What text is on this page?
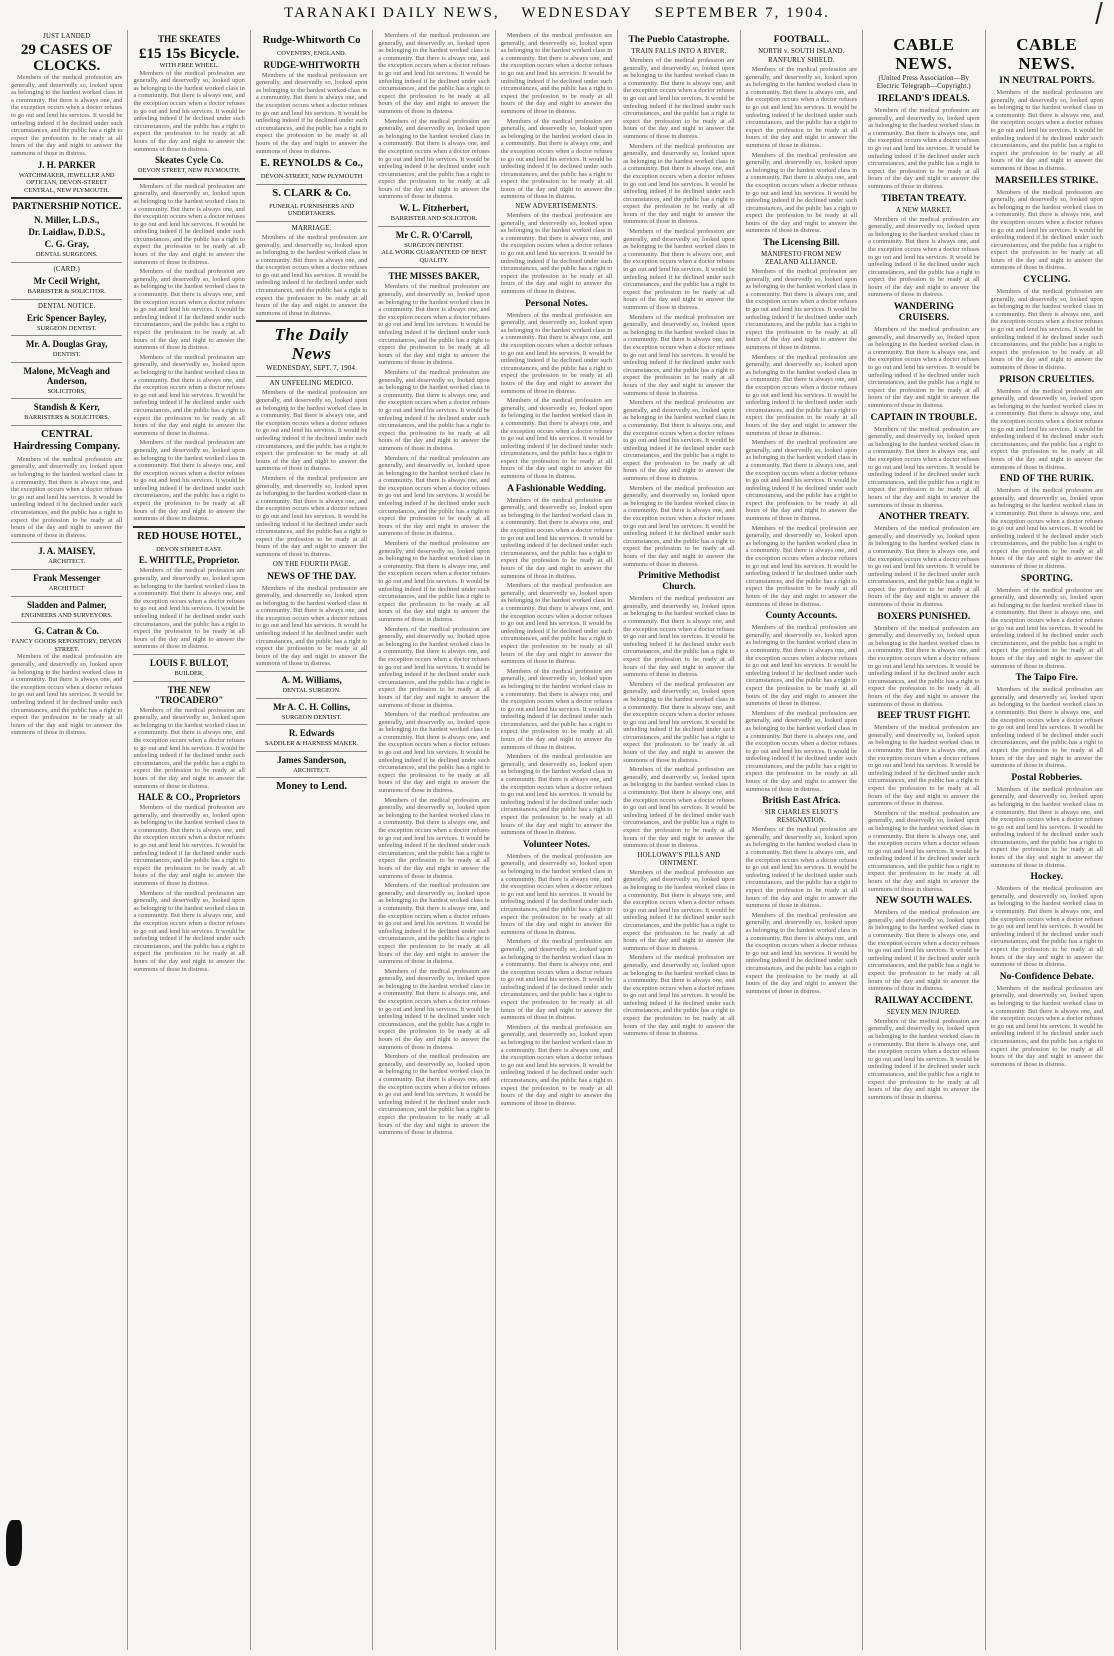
TARANAKI DAILY NEWS, WEDNESDAY SEPTEMBER 7, 1904.
JUST LANDED
29 CASES OF CLOCKS.

Members of the medical profession are generally, and deservedly so, looked upon as belonging to the hardest worked class in a community. But there is always one, and the exception occurs when a doctor refuses to go out and lend his services. It would be unfeeling indeed if he declined under such circumstances, and the public has a right to expect the profession to be ready at all hours of the day and night to answer the summons of those in distress.

J. H. PARKER
WATCHMAKER, JEWELLER AND OPTICIAN, DEVON-STREET CENTRAL, NEW PLYMOUTH.
PARTNERSHIP NOTICE.
N. Miller, L.D.S.,
Dr. Laidlaw, D.D.S.,
C. G. Gray,
DENTAL SURGEONS.
(CARD.)
Mr Cecil Wright,
BARRISTER & SOLICITOR.
DENTAL NOTICE.
Eric Spencer Bayley,
SURGEON DENTIST.
Mr. A. Douglas Gray,
DENTIST.
Malone, McVeagh and Anderson,
SOLICITORS,
Standish & Kerr,
BARRISTERS & SOLICITORS.
CENTRAL Hairdressing Company.

Members of the medical profession are generally, and deservedly so, looked upon as belonging to the hardest worked class in a community. But there is always one, and the exception occurs when a doctor refuses to go out and lend his services. It would be unfeeling indeed if he declined under such circumstances, and the public has a right to expect the profession to be ready at all hours of the day and night to answer the summons of those in distress.

J. A. MAISEY,
ARCHITECT.
Frank Messenger
ARCHITECT
Sladden and Palmer,
ENGINEERS AND SURVEYORS.
G. Catran & Co.
FANCY GOODS REPOSITORY, DEVON STREET.

Members of the medical profession are generally, and deservedly so, looked upon as belonging to the hardest worked class in a community. But there is always one, and the exception occurs when a doctor refuses to go out and lend his services. It would be unfeeling indeed if he declined under such circumstances, and the public has a right to expect the profession to be ready at all hours of the day and night to answer the summons of those in distress.

THE SKEATES
£15 15s Bicycle.
WITH FREE WHEEL.

Members of the medical profession are generally, and deservedly so, looked upon as belonging to the hardest worked class in a community. But there is always one, and the exception occurs when a doctor refuses to go out and lend his services. It would be unfeeling indeed if he declined under such circumstances, and the public has a right to expect the profession to be ready at all hours of the day and night to answer the summons of those in distress.

Skeates Cycle Co.
DEVON STREET, NEW PLYMOUTH.

Members of the medical profession are generally, and deservedly so, looked upon as belonging to the hardest worked class in a community. But there is always one, and the exception occurs when a doctor refuses to go out and lend his services. It would be unfeeling indeed if he declined under such circumstances, and the public has a right to expect the profession to be ready at all hours of the day and night to answer the summons of those in distress.

Members of the medical profession are generally, and deservedly so, looked upon as belonging to the hardest worked class in a community. But there is always one, and the exception occurs when a doctor refuses to go out and lend his services. It would be unfeeling indeed if he declined under such circumstances, and the public has a right to expect the profession to be ready at all hours of the day and night to answer the summons of those in distress.

Members of the medical profession are generally, and deservedly so, looked upon as belonging to the hardest worked class in a community. But there is always one, and the exception occurs when a doctor refuses to go out and lend his services. It would be unfeeling indeed if he declined under such circumstances, and the public has a right to expect the profession to be ready at all hours of the day and night to answer the summons of those in distress.

Members of the medical profession are generally, and deservedly so, looked upon as belonging to the hardest worked class in a community. But there is always one, and the exception occurs when a doctor refuses to go out and lend his services. It would be unfeeling indeed if he declined under such circumstances, and the public has a right to expect the profession to be ready at all hours of the day and night to answer the summons of those in distress.

RED HOUSE HOTEL,
DEVON STREET EAST.
E. WHITTLE, Proprietor.

Members of the medical profession are generally, and deservedly so, looked upon as belonging to the hardest worked class in a community. But there is always one, and the exception occurs when a doctor refuses to go out and lend his services. It would be unfeeling indeed if he declined under such circumstances, and the public has a right to expect the profession to be ready at all hours of the day and night to answer the summons of those in distress.

LOUIS F. BULLOT,
BUILDER,
THE NEW "TROCADERO"

Members of the medical profession are generally, and deservedly so, looked upon as belonging to the hardest worked class in a community. But there is always one, and the exception occurs when a doctor refuses to go out and lend his services. It would be unfeeling indeed if he declined under such circumstances, and the public has a right to expect the profession to be ready at all hours of the day and night to answer the summons of those in distress.

HALE & CO., Proprietors

Members of the medical profession are generally, and deservedly so, looked upon as belonging to the hardest worked class in a community. But there is always one, and the exception occurs when a doctor refuses to go out and lend his services. It would be unfeeling indeed if he declined under such circumstances, and the public has a right to expect the profession to be ready at all hours of the day and night to answer the summons of those in distress.

Members of the medical profession are generally, and deservedly so, looked upon as belonging to the hardest worked class in a community. But there is always one, and the exception occurs when a doctor refuses to go out and lend his services. It would be unfeeling indeed if he declined under such circumstances, and the public has a right to expect the profession to be ready at all hours of the day and night to answer the summons of those in distress.

Rudge-Whitworth Co
COVENTRY, ENGLAND.
RUDGE-WHITWORTH

Members of the medical profession are generally, and deservedly so, looked upon as belonging to the hardest worked class in a community. But there is always one, and the exception occurs when a doctor refuses to go out and lend his services. It would be unfeeling indeed if he declined under such circumstances, and the public has a right to expect the profession to be ready at all hours of the day and night to answer the summons of those in distress.

E. REYNOLDS & Co.,
DEVON-STREET, NEW PLYMOUTH
S. CLARK & Co.
FUNERAL FURNISHERS AND UNDERTAKERS.
MARRIAGE.

Members of the medical profession are generally, and deservedly so, looked upon as belonging to the hardest worked class in a community. But there is always one, and the exception occurs when a doctor refuses to go out and lend his services. It would be unfeeling indeed if he declined under such circumstances, and the public has a right to expect the profession to be ready at all hours of the day and night to answer the summons of those in distress.

The Daily News
WEDNESDAY, SEPT. 7, 1904.
AN UNFEELING MEDICO.

Members of the medical profession are generally, and deservedly so, looked upon as belonging to the hardest worked class in a community. But there is always one, and the exception occurs when a doctor refuses to go out and lend his services. It would be unfeeling indeed if he declined under such circumstances, and the public has a right to expect the profession to be ready at all hours of the day and night to answer the summons of those in distress.

Members of the medical profession are generally, and deservedly so, looked upon as belonging to the hardest worked class in a community. But there is always one, and the exception occurs when a doctor refuses to go out and lend his services. It would be unfeeling indeed if he declined under such circumstances, and the public has a right to expect the profession to be ready at all hours of the day and night to answer the summons of those in distress.

ON THE FOURTH PAGE.
NEWS OF THE DAY.

Members of the medical profession are generally, and deservedly so, looked upon as belonging to the hardest worked class in a community. But there is always one, and the exception occurs when a doctor refuses to go out and lend his services. It would be unfeeling indeed if he declined under such circumstances, and the public has a right to expect the profession to be ready at all hours of the day and night to answer the summons of those in distress.

A. M. Williams,
DENTAL SURGEON.
Mr A. C. H. Collins,
SURGEON DENTIST.
R. Edwards
SADDLER & HARNESS MAKER.
James Sanderson,
ARCHITECT.
Money to Lend.

Members of the medical profession are generally, and deservedly so, looked upon as belonging to the hardest worked class in a community. But there is always one, and the exception occurs when a doctor refuses to go out and lend his services. It would be unfeeling indeed if he declined under such circumstances, and the public has a right to expect the profession to be ready at all hours of the day and night to answer the summons of those in distress.

Members of the medical profession are generally, and deservedly so, looked upon as belonging to the hardest worked class in a community. But there is always one, and the exception occurs when a doctor refuses to go out and lend his services. It would be unfeeling indeed if he declined under such circumstances, and the public has a right to expect the profession to be ready at all hours of the day and night to answer the summons of those in distress.

W. L. Fitzherbert,
BARRISTER AND SOLICITOR.
Mr C. R. O'Carroll,
SURGEON DENTIST.
ALL WORK GUARANTEED OF BEST QUALITY.
THE MISSES BAKER,

Members of the medical profession are generally, and deservedly so, looked upon as belonging to the hardest worked class in a community. But there is always one, and the exception occurs when a doctor refuses to go out and lend his services. It would be unfeeling indeed if he declined under such circumstances, and the public has a right to expect the profession to be ready at all hours of the day and night to answer the summons of those in distress.

Members of the medical profession are generally, and deservedly so, looked upon as belonging to the hardest worked class in a community. But there is always one, and the exception occurs when a doctor refuses to go out and lend his services. It would be unfeeling indeed if he declined under such circumstances, and the public has a right to expect the profession to be ready at all hours of the day and night to answer the summons of those in distress.

Members of the medical profession are generally, and deservedly so, looked upon as belonging to the hardest worked class in a community. But there is always one, and the exception occurs when a doctor refuses to go out and lend his services. It would be unfeeling indeed if he declined under such circumstances, and the public has a right to expect the profession to be ready at all hours of the day and night to answer the summons of those in distress.

Members of the medical profession are generally, and deservedly so, looked upon as belonging to the hardest worked class in a community. But there is always one, and the exception occurs when a doctor refuses to go out and lend his services. It would be unfeeling indeed if he declined under such circumstances, and the public has a right to expect the profession to be ready at all hours of the day and night to answer the summons of those in distress.

Members of the medical profession are generally, and deservedly so, looked upon as belonging to the hardest worked class in a community. But there is always one, and the exception occurs when a doctor refuses to go out and lend his services. It would be unfeeling indeed if he declined under such circumstances, and the public has a right to expect the profession to be ready at all hours of the day and night to answer the summons of those in distress.

Members of the medical profession are generally, and deservedly so, looked upon as belonging to the hardest worked class in a community. But there is always one, and the exception occurs when a doctor refuses to go out and lend his services. It would be unfeeling indeed if he declined under such circumstances, and the public has a right to expect the profession to be ready at all hours of the day and night to answer the summons of those in distress.

Members of the medical profession are generally, and deservedly so, looked upon as belonging to the hardest worked class in a community. But there is always one, and the exception occurs when a doctor refuses to go out and lend his services. It would be unfeeling indeed if he declined under such circumstances, and the public has a right to expect the profession to be ready at all hours of the day and night to answer the summons of those in distress.

Members of the medical profession are generally, and deservedly so, looked upon as belonging to the hardest worked class in a community. But there is always one, and the exception occurs when a doctor refuses to go out and lend his services. It would be unfeeling indeed if he declined under such circumstances, and the public has a right to expect the profession to be ready at all hours of the day and night to answer the summons of those in distress.

Members of the medical profession are generally, and deservedly so, looked upon as belonging to the hardest worked class in a community. But there is always one, and the exception occurs when a doctor refuses to go out and lend his services. It would be unfeeling indeed if he declined under such circumstances, and the public has a right to expect the profession to be ready at all hours of the day and night to answer the summons of those in distress.

Members of the medical profession are generally, and deservedly so, looked upon as belonging to the hardest worked class in a community. But there is always one, and the exception occurs when a doctor refuses to go out and lend his services. It would be unfeeling indeed if he declined under such circumstances, and the public has a right to expect the profession to be ready at all hours of the day and night to answer the summons of those in distress.

Members of the medical profession are generally, and deservedly so, looked upon as belonging to the hardest worked class in a community. But there is always one, and the exception occurs when a doctor refuses to go out and lend his services. It would be unfeeling indeed if he declined under such circumstances, and the public has a right to expect the profession to be ready at all hours of the day and night to answer the summons of those in distress.

Members of the medical profession are generally, and deservedly so, looked upon as belonging to the hardest worked class in a community. But there is always one, and the exception occurs when a doctor refuses to go out and lend his services. It would be unfeeling indeed if he declined under such circumstances, and the public has a right to expect the profession to be ready at all hours of the day and night to answer the summons of those in distress.

NEW ADVERTISEMENTS.

Members of the medical profession are generally, and deservedly so, looked upon as belonging to the hardest worked class in a community. But there is always one, and the exception occurs when a doctor refuses to go out and lend his services. It would be unfeeling indeed if he declined under such circumstances, and the public has a right to expect the profession to be ready at all hours of the day and night to answer the summons of those in distress.

Personal Notes.

Members of the medical profession are generally, and deservedly so, looked upon as belonging to the hardest worked class in a community. But there is always one, and the exception occurs when a doctor refuses to go out and lend his services. It would be unfeeling indeed if he declined under such circumstances, and the public has a right to expect the profession to be ready at all hours of the day and night to answer the summons of those in distress.

Members of the medical profession are generally, and deservedly so, looked upon as belonging to the hardest worked class in a community. But there is always one, and the exception occurs when a doctor refuses to go out and lend his services. It would be unfeeling indeed if he declined under such circumstances, and the public has a right to expect the profession to be ready at all hours of the day and night to answer the summons of those in distress.

A Fashionable Wedding.

Members of the medical profession are generally, and deservedly so, looked upon as belonging to the hardest worked class in a community. But there is always one, and the exception occurs when a doctor refuses to go out and lend his services. It would be unfeeling indeed if he declined under such circumstances, and the public has a right to expect the profession to be ready at all hours of the day and night to answer the summons of those in distress.

Members of the medical profession are generally, and deservedly so, looked upon as belonging to the hardest worked class in a community. But there is always one, and the exception occurs when a doctor refuses to go out and lend his services. It would be unfeeling indeed if he declined under such circumstances, and the public has a right to expect the profession to be ready at all hours of the day and night to answer the summons of those in distress.

Members of the medical profession are generally, and deservedly so, looked upon as belonging to the hardest worked class in a community. But there is always one, and the exception occurs when a doctor refuses to go out and lend his services. It would be unfeeling indeed if he declined under such circumstances, and the public has a right to expect the profession to be ready at all hours of the day and night to answer the summons of those in distress.

Members of the medical profession are generally, and deservedly so, looked upon as belonging to the hardest worked class in a community. But there is always one, and the exception occurs when a doctor refuses to go out and lend his services. It would be unfeeling indeed if he declined under such circumstances, and the public has a right to expect the profession to be ready at all hours of the day and night to answer the summons of those in distress.

Volunteer Notes.

Members of the medical profession are generally, and deservedly so, looked upon as belonging to the hardest worked class in a community. But there is always one, and the exception occurs when a doctor refuses to go out and lend his services. It would be unfeeling indeed if he declined under such circumstances, and the public has a right to expect the profession to be ready at all hours of the day and night to answer the summons of those in distress.

Members of the medical profession are generally, and deservedly so, looked upon as belonging to the hardest worked class in a community. But there is always one, and the exception occurs when a doctor refuses to go out and lend his services. It would be unfeeling indeed if he declined under such circumstances, and the public has a right to expect the profession to be ready at all hours of the day and night to answer the summons of those in distress.

Members of the medical profession are generally, and deservedly so, looked upon as belonging to the hardest worked class in a community. But there is always one, and the exception occurs when a doctor refuses to go out and lend his services. It would be unfeeling indeed if he declined under such circumstances, and the public has a right to expect the profession to be ready at all hours of the day and night to answer the summons of those in distress.

The Pueblo Catastrophe.
TRAIN FALLS INTO A RIVER.

Members of the medical profession are generally, and deservedly so, looked upon as belonging to the hardest worked class in a community. But there is always one, and the exception occurs when a doctor refuses to go out and lend his services. It would be unfeeling indeed if he declined under such circumstances, and the public has a right to expect the profession to be ready at all hours of the day and night to answer the summons of those in distress.

Members of the medical profession are generally, and deservedly so, looked upon as belonging to the hardest worked class in a community. But there is always one, and the exception occurs when a doctor refuses to go out and lend his services. It would be unfeeling indeed if he declined under such circumstances, and the public has a right to expect the profession to be ready at all hours of the day and night to answer the summons of those in distress.

Members of the medical profession are generally, and deservedly so, looked upon as belonging to the hardest worked class in a community. But there is always one, and the exception occurs when a doctor refuses to go out and lend his services. It would be unfeeling indeed if he declined under such circumstances, and the public has a right to expect the profession to be ready at all hours of the day and night to answer the summons of those in distress.

Members of the medical profession are generally, and deservedly so, looked upon as belonging to the hardest worked class in a community. But there is always one, and the exception occurs when a doctor refuses to go out and lend his services. It would be unfeeling indeed if he declined under such circumstances, and the public has a right to expect the profession to be ready at all hours of the day and night to answer the summons of those in distress.

Members of the medical profession are generally, and deservedly so, looked upon as belonging to the hardest worked class in a community. But there is always one, and the exception occurs when a doctor refuses to go out and lend his services. It would be unfeeling indeed if he declined under such circumstances, and the public has a right to expect the profession to be ready at all hours of the day and night to answer the summons of those in distress.

Members of the medical profession are generally, and deservedly so, looked upon as belonging to the hardest worked class in a community. But there is always one, and the exception occurs when a doctor refuses to go out and lend his services. It would be unfeeling indeed if he declined under such circumstances, and the public has a right to expect the profession to be ready at all hours of the day and night to answer the summons of those in distress.

Primitive Methodist Church.

Members of the medical profession are generally, and deservedly so, looked upon as belonging to the hardest worked class in a community. But there is always one, and the exception occurs when a doctor refuses to go out and lend his services. It would be unfeeling indeed if he declined under such circumstances, and the public has a right to expect the profession to be ready at all hours of the day and night to answer the summons of those in distress.

Members of the medical profession are generally, and deservedly so, looked upon as belonging to the hardest worked class in a community. But there is always one, and the exception occurs when a doctor refuses to go out and lend his services. It would be unfeeling indeed if he declined under such circumstances, and the public has a right to expect the profession to be ready at all hours of the day and night to answer the summons of those in distress.

Members of the medical profession are generally, and deservedly so, looked upon as belonging to the hardest worked class in a community. But there is always one, and the exception occurs when a doctor refuses to go out and lend his services. It would be unfeeling indeed if he declined under such circumstances, and the public has a right to expect the profession to be ready at all hours of the day and night to answer the summons of those in distress.

HOLLOWAY'S PILLS AND OINTMENT.

Members of the medical profession are generally, and deservedly so, looked upon as belonging to the hardest worked class in a community. But there is always one, and the exception occurs when a doctor refuses to go out and lend his services. It would be unfeeling indeed if he declined under such circumstances, and the public has a right to expect the profession to be ready at all hours of the day and night to answer the summons of those in distress.

Members of the medical profession are generally, and deservedly so, looked upon as belonging to the hardest worked class in a community. But there is always one, and the exception occurs when a doctor refuses to go out and lend his services. It would be unfeeling indeed if he declined under such circumstances, and the public has a right to expect the profession to be ready at all hours of the day and night to answer the summons of those in distress.

FOOTBALL.
NORTH v. SOUTH ISLAND.
RANFURLY SHIELD.

Members of the medical profession are generally, and deservedly so, looked upon as belonging to the hardest worked class in a community. But there is always one, and the exception occurs when a doctor refuses to go out and lend his services. It would be unfeeling indeed if he declined under such circumstances, and the public has a right to expect the profession to be ready at all hours of the day and night to answer the summons of those in distress.

Members of the medical profession are generally, and deservedly so, looked upon as belonging to the hardest worked class in a community. But there is always one, and the exception occurs when a doctor refuses to go out and lend his services. It would be unfeeling indeed if he declined under such circumstances, and the public has a right to expect the profession to be ready at all hours of the day and night to answer the summons of those in distress.

The Licensing Bill.
MANIFESTO FROM NEW ZEALAND ALLIANCE.

Members of the medical profession are generally, and deservedly so, looked upon as belonging to the hardest worked class in a community. But there is always one, and the exception occurs when a doctor refuses to go out and lend his services. It would be unfeeling indeed if he declined under such circumstances, and the public has a right to expect the profession to be ready at all hours of the day and night to answer the summons of those in distress.

Members of the medical profession are generally, and deservedly so, looked upon as belonging to the hardest worked class in a community. But there is always one, and the exception occurs when a doctor refuses to go out and lend his services. It would be unfeeling indeed if he declined under such circumstances, and the public has a right to expect the profession to be ready at all hours of the day and night to answer the summons of those in distress.

Members of the medical profession are generally, and deservedly so, looked upon as belonging to the hardest worked class in a community. But there is always one, and the exception occurs when a doctor refuses to go out and lend his services. It would be unfeeling indeed if he declined under such circumstances, and the public has a right to expect the profession to be ready at all hours of the day and night to answer the summons of those in distress.

Members of the medical profession are generally, and deservedly so, looked upon as belonging to the hardest worked class in a community. But there is always one, and the exception occurs when a doctor refuses to go out and lend his services. It would be unfeeling indeed if he declined under such circumstances, and the public has a right to expect the profession to be ready at all hours of the day and night to answer the summons of those in distress.

County Accounts.

Members of the medical profession are generally, and deservedly so, looked upon as belonging to the hardest worked class in a community. But there is always one, and the exception occurs when a doctor refuses to go out and lend his services. It would be unfeeling indeed if he declined under such circumstances, and the public has a right to expect the profession to be ready at all hours of the day and night to answer the summons of those in distress.

Members of the medical profession are generally, and deservedly so, looked upon as belonging to the hardest worked class in a community. But there is always one, and the exception occurs when a doctor refuses to go out and lend his services. It would be unfeeling indeed if he declined under such circumstances, and the public has a right to expect the profession to be ready at all hours of the day and night to answer the summons of those in distress.

British East Africa.
SIR CHARLES ELIOT'S RESIGNATION.

Members of the medical profession are generally, and deservedly so, looked upon as belonging to the hardest worked class in a community. But there is always one, and the exception occurs when a doctor refuses to go out and lend his services. It would be unfeeling indeed if he declined under such circumstances, and the public has a right to expect the profession to be ready at all hours of the day and night to answer the summons of those in distress.

Members of the medical profession are generally, and deservedly so, looked upon as belonging to the hardest worked class in a community. But there is always one, and the exception occurs when a doctor refuses to go out and lend his services. It would be unfeeling indeed if he declined under such circumstances, and the public has a right to expect the profession to be ready at all hours of the day and night to answer the summons of those in distress.

CABLE NEWS.
(United Press Association—By Electric Telegraph—Copyright.)
IRELAND'S IDEALS.

Members of the medical profession are generally, and deservedly so, looked upon as belonging to the hardest worked class in a community. But there is always one, and the exception occurs when a doctor refuses to go out and lend his services. It would be unfeeling indeed if he declined under such circumstances, and the public has a right to expect the profession to be ready at all hours of the day and night to answer the summons of those in distress.

TIBETAN TREATY.
A NEW MARKET.

Members of the medical profession are generally, and deservedly so, looked upon as belonging to the hardest worked class in a community. But there is always one, and the exception occurs when a doctor refuses to go out and lend his services. It would be unfeeling indeed if he declined under such circumstances, and the public has a right to expect the profession to be ready at all hours of the day and night to answer the summons of those in distress.

WANDERING CRUISERS.

Members of the medical profession are generally, and deservedly so, looked upon as belonging to the hardest worked class in a community. But there is always one, and the exception occurs when a doctor refuses to go out and lend his services. It would be unfeeling indeed if he declined under such circumstances, and the public has a right to expect the profession to be ready at all hours of the day and night to answer the summons of those in distress.

CAPTAIN IN TROUBLE.

Members of the medical profession are generally, and deservedly so, looked upon as belonging to the hardest worked class in a community. But there is always one, and the exception occurs when a doctor refuses to go out and lend his services. It would be unfeeling indeed if he declined under such circumstances, and the public has a right to expect the profession to be ready at all hours of the day and night to answer the summons of those in distress.

ANOTHER TREATY.

Members of the medical profession are generally, and deservedly so, looked upon as belonging to the hardest worked class in a community. But there is always one, and the exception occurs when a doctor refuses to go out and lend his services. It would be unfeeling indeed if he declined under such circumstances, and the public has a right to expect the profession to be ready at all hours of the day and night to answer the summons of those in distress.

BOXERS PUNISHED.

Members of the medical profession are generally, and deservedly so, looked upon as belonging to the hardest worked class in a community. But there is always one, and the exception occurs when a doctor refuses to go out and lend his services. It would be unfeeling indeed if he declined under such circumstances, and the public has a right to expect the profession to be ready at all hours of the day and night to answer the summons of those in distress.

BEEF TRUST FIGHT.

Members of the medical profession are generally, and deservedly so, looked upon as belonging to the hardest worked class in a community. But there is always one, and the exception occurs when a doctor refuses to go out and lend his services. It would be unfeeling indeed if he declined under such circumstances, and the public has a right to expect the profession to be ready at all hours of the day and night to answer the summons of those in distress.

Members of the medical profession are generally, and deservedly so, looked upon as belonging to the hardest worked class in a community. But there is always one, and the exception occurs when a doctor refuses to go out and lend his services. It would be unfeeling indeed if he declined under such circumstances, and the public has a right to expect the profession to be ready at all hours of the day and night to answer the summons of those in distress.

NEW SOUTH WALES.

Members of the medical profession are generally, and deservedly so, looked upon as belonging to the hardest worked class in a community. But there is always one, and the exception occurs when a doctor refuses to go out and lend his services. It would be unfeeling indeed if he declined under such circumstances, and the public has a right to expect the profession to be ready at all hours of the day and night to answer the summons of those in distress.

RAILWAY ACCIDENT.
SEVEN MEN INJURED.

Members of the medical profession are generally, and deservedly so, looked upon as belonging to the hardest worked class in a community. But there is always one, and the exception occurs when a doctor refuses to go out and lend his services. It would be unfeeling indeed if he declined under such circumstances, and the public has a right to expect the profession to be ready at all hours of the day and night to answer the summons of those in distress.

CABLE NEWS.
IN NEUTRAL PORTS.

Members of the medical profession are generally, and deservedly so, looked upon as belonging to the hardest worked class in a community. But there is always one, and the exception occurs when a doctor refuses to go out and lend his services. It would be unfeeling indeed if he declined under such circumstances, and the public has a right to expect the profession to be ready at all hours of the day and night to answer the summons of those in distress.

MARSEILLES STRIKE.

Members of the medical profession are generally, and deservedly so, looked upon as belonging to the hardest worked class in a community. But there is always one, and the exception occurs when a doctor refuses to go out and lend his services. It would be unfeeling indeed if he declined under such circumstances, and the public has a right to expect the profession to be ready at all hours of the day and night to answer the summons of those in distress.

CYCLING.

Members of the medical profession are generally, and deservedly so, looked upon as belonging to the hardest worked class in a community. But there is always one, and the exception occurs when a doctor refuses to go out and lend his services. It would be unfeeling indeed if he declined under such circumstances, and the public has a right to expect the profession to be ready at all hours of the day and night to answer the summons of those in distress.

PRISON CRUELTIES.

Members of the medical profession are generally, and deservedly so, looked upon as belonging to the hardest worked class in a community. But there is always one, and the exception occurs when a doctor refuses to go out and lend his services. It would be unfeeling indeed if he declined under such circumstances, and the public has a right to expect the profession to be ready at all hours of the day and night to answer the summons of those in distress.

END OF THE RURIK.

Members of the medical profession are generally, and deservedly so, looked upon as belonging to the hardest worked class in a community. But there is always one, and the exception occurs when a doctor refuses to go out and lend his services. It would be unfeeling indeed if he declined under such circumstances, and the public has a right to expect the profession to be ready at all hours of the day and night to answer the summons of those in distress.

SPORTING.

Members of the medical profession are generally, and deservedly so, looked upon as belonging to the hardest worked class in a community. But there is always one, and the exception occurs when a doctor refuses to go out and lend his services. It would be unfeeling indeed if he declined under such circumstances, and the public has a right to expect the profession to be ready at all hours of the day and night to answer the summons of those in distress.

The Taipo Fire.

Members of the medical profession are generally, and deservedly so, looked upon as belonging to the hardest worked class in a community. But there is always one, and the exception occurs when a doctor refuses to go out and lend his services. It would be unfeeling indeed if he declined under such circumstances, and the public has a right to expect the profession to be ready at all hours of the day and night to answer the summons of those in distress.

Postal Robberies.

Members of the medical profession are generally, and deservedly so, looked upon as belonging to the hardest worked class in a community. But there is always one, and the exception occurs when a doctor refuses to go out and lend his services. It would be unfeeling indeed if he declined under such circumstances, and the public has a right to expect the profession to be ready at all hours of the day and night to answer the summons of those in distress.

Hockey.

Members of the medical profession are generally, and deservedly so, looked upon as belonging to the hardest worked class in a community. But there is always one, and the exception occurs when a doctor refuses to go out and lend his services. It would be unfeeling indeed if he declined under such circumstances, and the public has a right to expect the profession to be ready at all hours of the day and night to answer the summons of those in distress.

No-Confidence Debate.

Members of the medical profession are generally, and deservedly so, looked upon as belonging to the hardest worked class in a community. But there is always one, and the exception occurs when a doctor refuses to go out and lend his services. It would be unfeeling indeed if he declined under such circumstances, and the public has a right to expect the profession to be ready at all hours of the day and night to answer the summons of those in distress.
